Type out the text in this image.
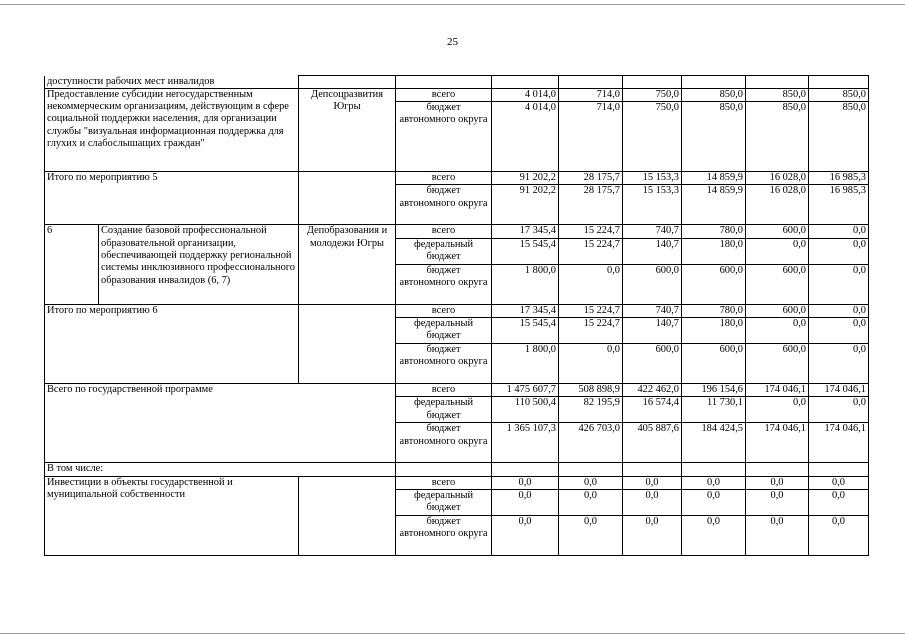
25
доступности рабочих мест инвалидов									
Предоставление субсидии негосударственным некоммерческим организациям, действующим в сфере социальной поддержки населения, для организации службы "визуальная информационная поддержка для глухих и слабослышащих граждан"		Депсоцразвития Югры	всего	4 014,0	714,0	750,0	850,0	850,0	850,0
			бюджет автономного округа	4 014,0	714,0	750,0	850,0	850,0	850,0
Итого по мероприятию 5			всего	91 202,2	28 175,7	15 153,3	14 859,9	16 028,0	16 985,3
			бюджет автономного округа	91 202,2	28 175,7	15 153,3	14 859,9	16 028,0	16 985,3
6	Создание базовой профессиональной образовательной организации, обеспечивающей поддержку региональной системы инклюзивного профессионального образования инвалидов (6, 7)	Депобразования и молодежи Югры	всего	17 345,4	15 224,7	740,7	780,0	600,0	0,0
			федеральный бюджет	15 545,4	15 224,7	140,7	180,0	0,0	0,0
			бюджет автономного округа	1 800,0	0,0	600,0	600,0	600,0	0,0
Итого по мероприятию 6			всего	17 345,4	15 224,7	740,7	780,0	600,0	0,0
			федеральный бюджет	15 545,4	15 224,7	140,7	180,0	0,0	0,0
			бюджет автономного округа	1 800,0	0,0	600,0	600,0	600,0	0,0
Всего по государственной программе			всего	1 475 607,7	508 898,9	422 462,0	196 154,6	174 046,1	174 046,1
			федеральный бюджет	110 500,4	82 195,9	16 574,4	11 730,1	0,0	0,0
			бюджет автономного округа	1 365 107,3	426 703,0	405 887,6	184 424,5	174 046,1	174 046,1
В том числе:									
Инвестиции в объекты государственной и муниципальной собственности			всего	0,0	0,0	0,0	0,0	0,0	0,0
			федеральный бюджет	0,0	0,0	0,0	0,0	0,0	0,0
			бюджет автономного округа	0,0	0,0	0,0	0,0	0,0	0,0
